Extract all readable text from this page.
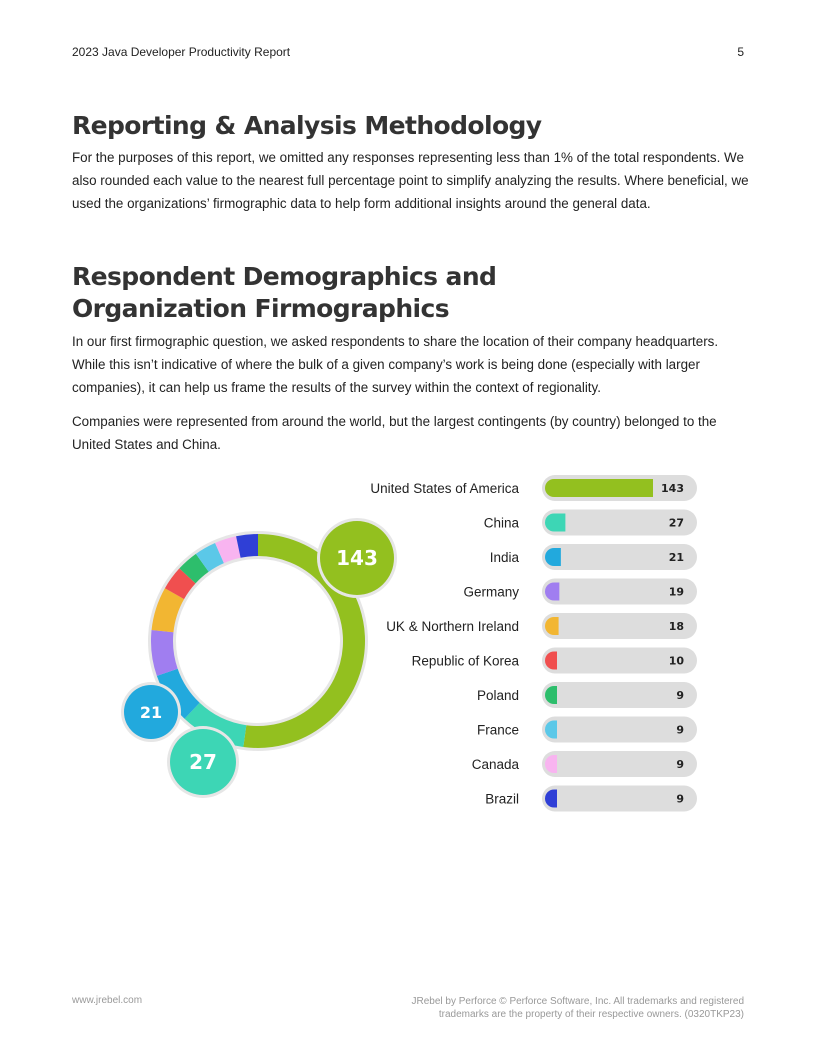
2023 Java Developer Productivity Report	5
Reporting & Analysis Methodology

For the purposes of this report, we omitted any responses representing less than 1% of the total respondents. We also rounded each value to the nearest full percentage point to simplify analyzing the results. Where beneficial, we used the organizations’ firmographic data to help form additional insights around the general data.

Respondent Demographics and
Organization Firmographics

In our first firmographic question, we asked respondents to share the location of their company headquarters. While this isn’t indicative of where the bulk of a given company’s work is being done (especially with larger companies), it can help us frame the results of the survey within the context of regionality.

Companies were represented from around the world, but the largest contingents (by country) belonged to the United States and China.

143
27
21
United States of America	143
China	27
India	21
Germany	19
UK & Northern Ireland	18
Republic of Korea	10
Poland	9
France	9
Canada	9
Brazil	9
www.jrebel.com	JRebel by Perforce © Perforce Software, Inc. All trademarks and registered
trademarks are the property of their respective owners. (0320TKP23)
